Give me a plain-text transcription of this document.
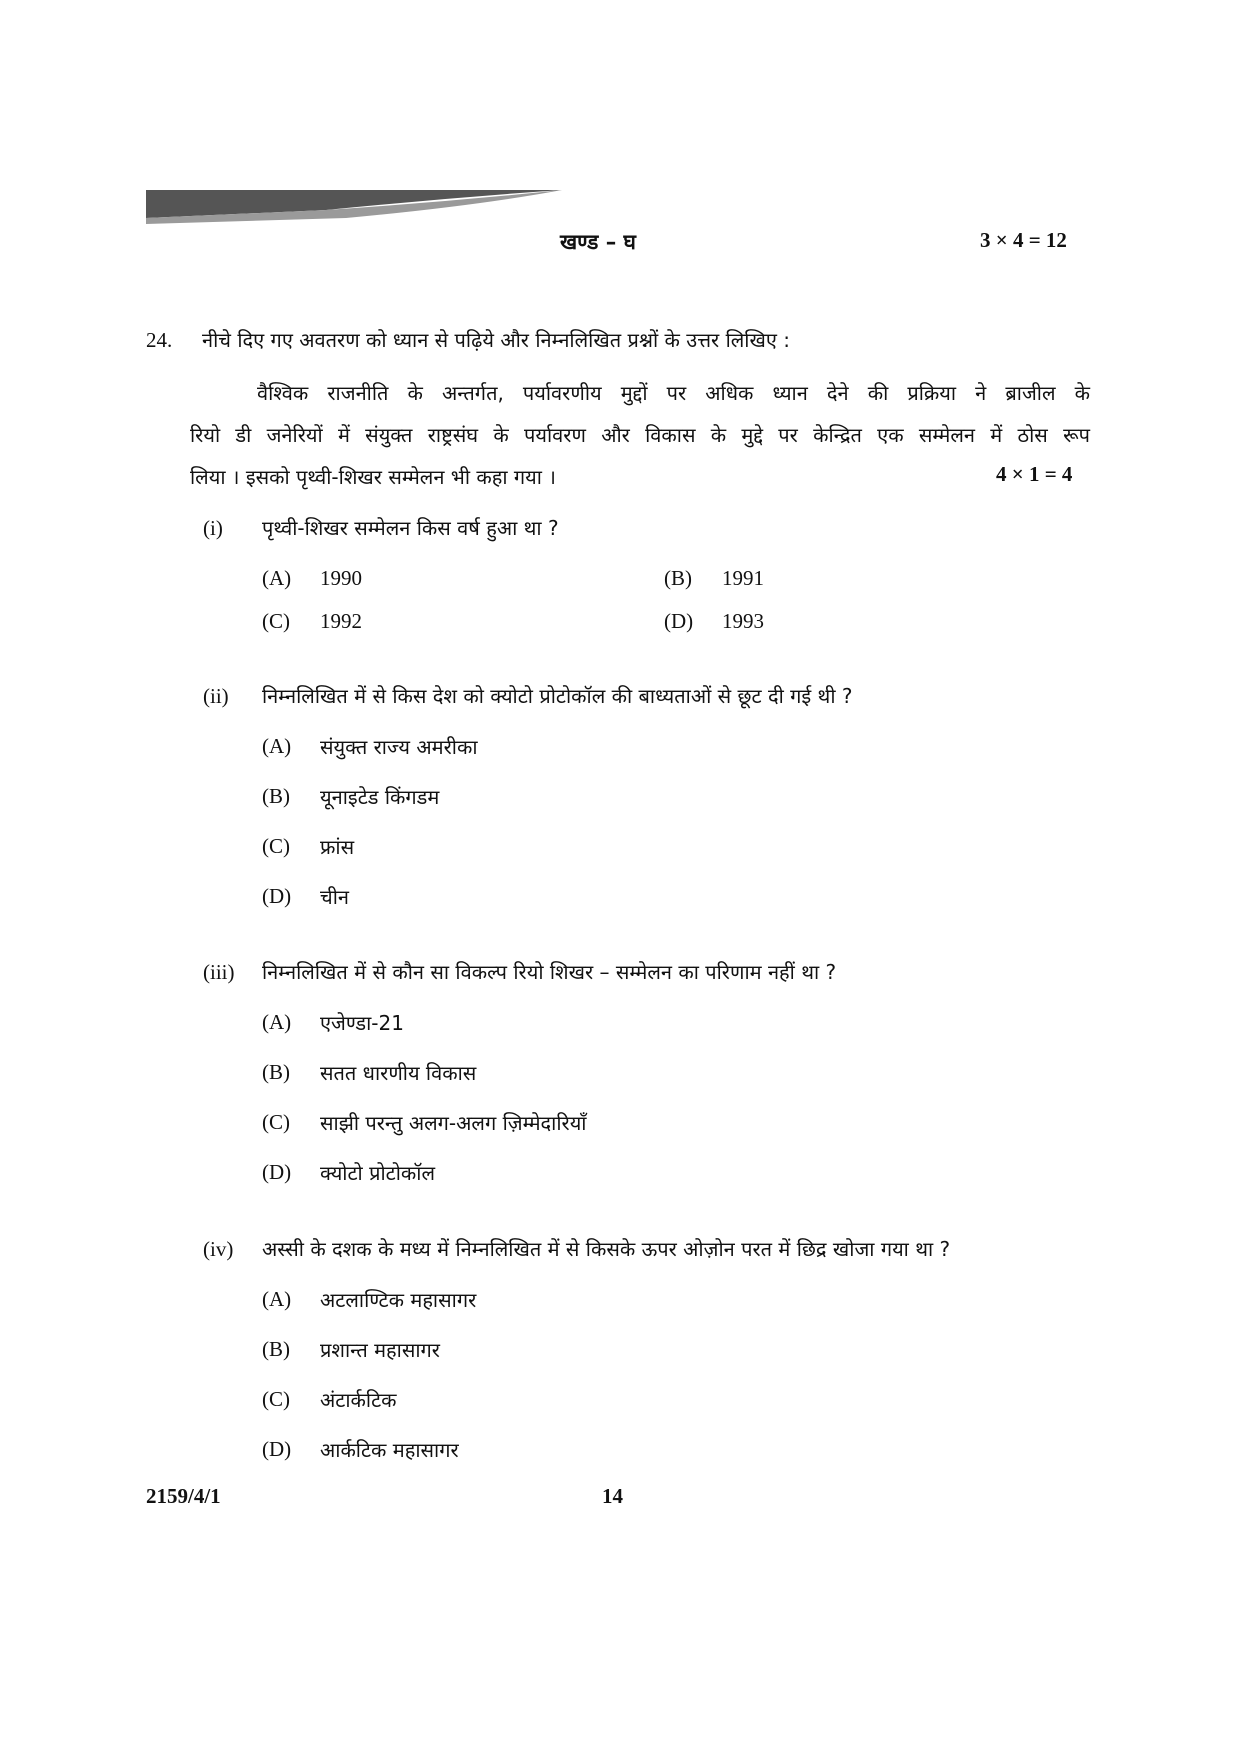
खण्ड – घ	3 × 4 = 12
24. नीचे दिए गए अवतरण को ध्यान से पढ़िये और निम्नलिखित प्रश्नों के उत्तर लिखिए :
वैश्विक राजनीति के अन्तर्गत, पर्यावरणीय मुद्दों पर अधिक ध्यान देने की प्रक्रिया ने ब्राजील के
रियो डी जनेरियों में संयुक्त राष्ट्रसंघ के पर्यावरण और विकास के मुद्दे पर केन्द्रित एक सम्मेलन में ठोस रूप
लिया । इसको पृथ्वी-शिखर सम्मेलन भी कहा गया ।	4 × 1 = 4
(i) पृथ्वी-शिखर सम्मेलन किस वर्ष हुआ था ?
(A) 1990	(B) 1991
(C) 1992	(D) 1993
(ii) निम्नलिखित में से किस देश को क्योटो प्रोटोकॉल की बाध्यताओं से छूट दी गई थी ?
(A) संयुक्त राज्य अमरीका
(B) यूनाइटेड किंगडम
(C) फ्रांस
(D) चीन
(iii) निम्नलिखित में से कौन सा विकल्प रियो शिखर – सम्मेलन का परिणाम नहीं था ?
(A) एजेण्डा-21
(B) सतत धारणीय विकास
(C) साझी परन्तु अलग-अलग ज़िम्मेदारियाँ
(D) क्योटो प्रोटोकॉल
(iv) अस्सी के दशक के मध्य में निम्नलिखित में से किसके ऊपर ओज़ोन परत में छिद्र खोजा गया था ?
(A) अटलाण्टिक महासागर
(B) प्रशान्त महासागर
(C) अंटार्कटिक
(D) आर्कटिक महासागर
2159/4/1	14
